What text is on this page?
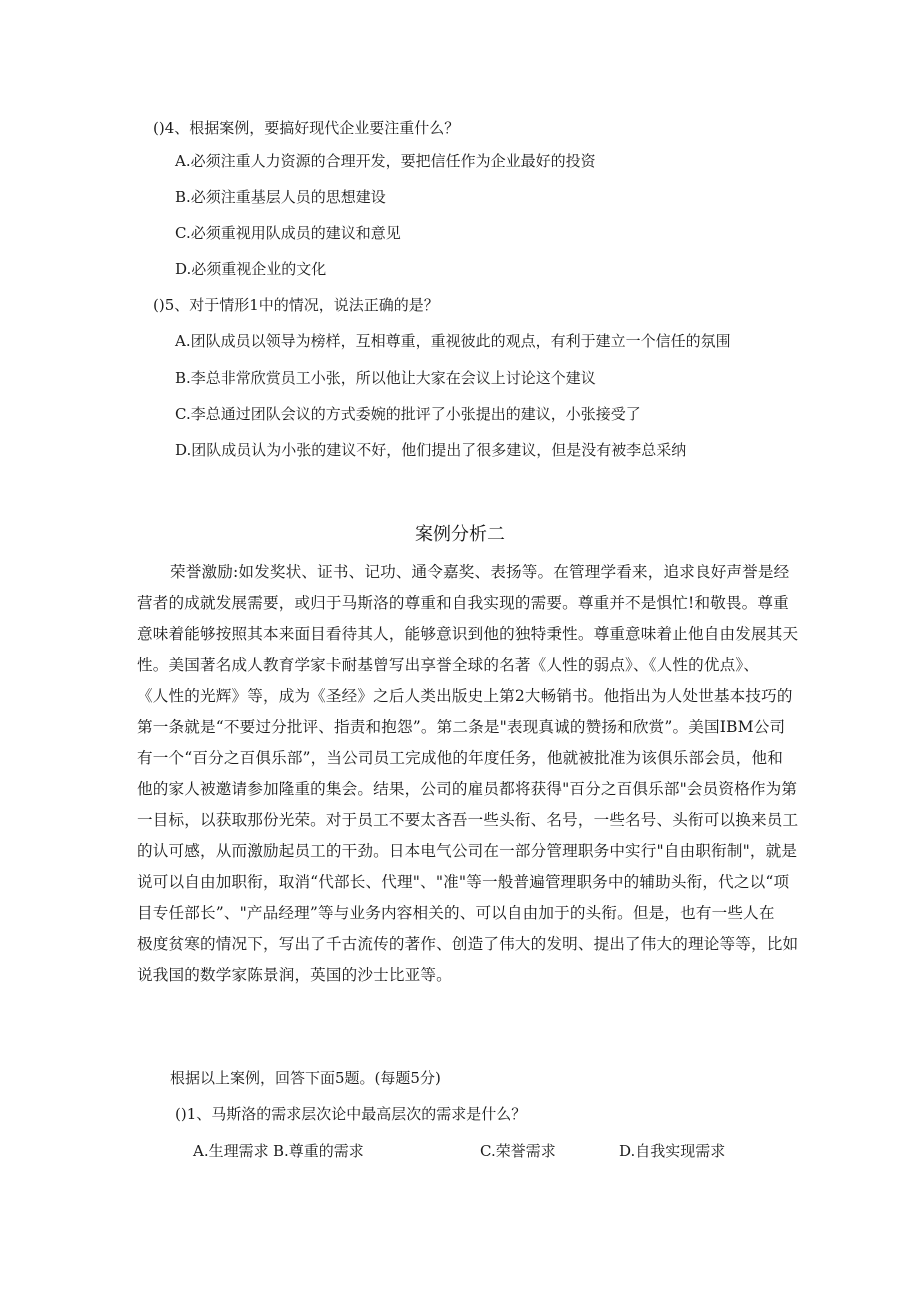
()4、根据案例，要搞好现代企业要注重什么？
A.必须注重人力资源的合理开发，要把信任作为企业最好的投资
B.必须注重基层人员的思想建设
C.必须重视用队成员的建议和意见
D.必须重视企业的文化
()5、对于情形1中的情况，说法正确的是？
A.团队成员以领导为榜样，互相尊重，重视彼此的观点，有利于建立一个信任的氛围
B.李总非常欣赏员工小张，所以他让大家在会议上讨论这个建议
C.李总通过团队会议的方式委婉的批评了小张提出的建议，小张接受了
D.团队成员认为小张的建议不好，他们提出了很多建议，但是没有被李总采纳
案例分析二
荣誉激励:如发奖状、证书、记功、通令嘉奖、表扬等。在管理学看来，追求良好声誉是经
营者的成就发展需要，或归于马斯洛的尊重和自我实现的需要。尊重并不是惧忙!和敬畏。尊重
意味着能够按照其本来面目看待其人，能够意识到他的独特秉性。尊重意味着止他自由发展其天
性。美国著名成人教育学家卡耐基曾写出享誉全球的名著《人性的弱点》、《人性的优点》、
《人性的光辉》等，成为《圣经》之后人类出版史上第2大畅销书。他指出为人处世基本技巧的
第一条就是“不要过分批评、指责和抱怨”。第二条是"表现真诚的赞扬和欣赏”。美国IBM公司
有一个“百分之百俱乐部”，当公司员工完成他的年度任务，他就被批准为该俱乐部会员，他和
他的家人被邀请参加隆重的集会。结果，公司的雇员都将获得"百分之百俱乐部"会员资格作为第
一目标，以获取那份光荣。对于员工不要太吝吾一些头衔、名号，一些名号、头衔可以换来员工
的认可感，从而激励起员工的干劲。日本电气公司在一部分管理职务中实行"自由职衔制"，就是
说可以自由加职衔，取消“代部长、代理"、"准"等一般普遍管理职务中的辅助头衔，代之以“项
目专任部长”、"产品经理”等与业务内容相关的、可以自由加于的头衔。但是，也有一些人在
极度贫寒的情况下，写出了千古流传的著作、创造了伟大的发明、提出了伟大的理论等等，比如
说我国的数学家陈景润，英国的沙士比亚等。
根据以上案例，回答下面5题。(每题5分)
()1、马斯洛的需求层次论中最高层次的需求是什么？
A.生理需求 B.尊重的需求	C.荣誉需求	D.自我实现需求
